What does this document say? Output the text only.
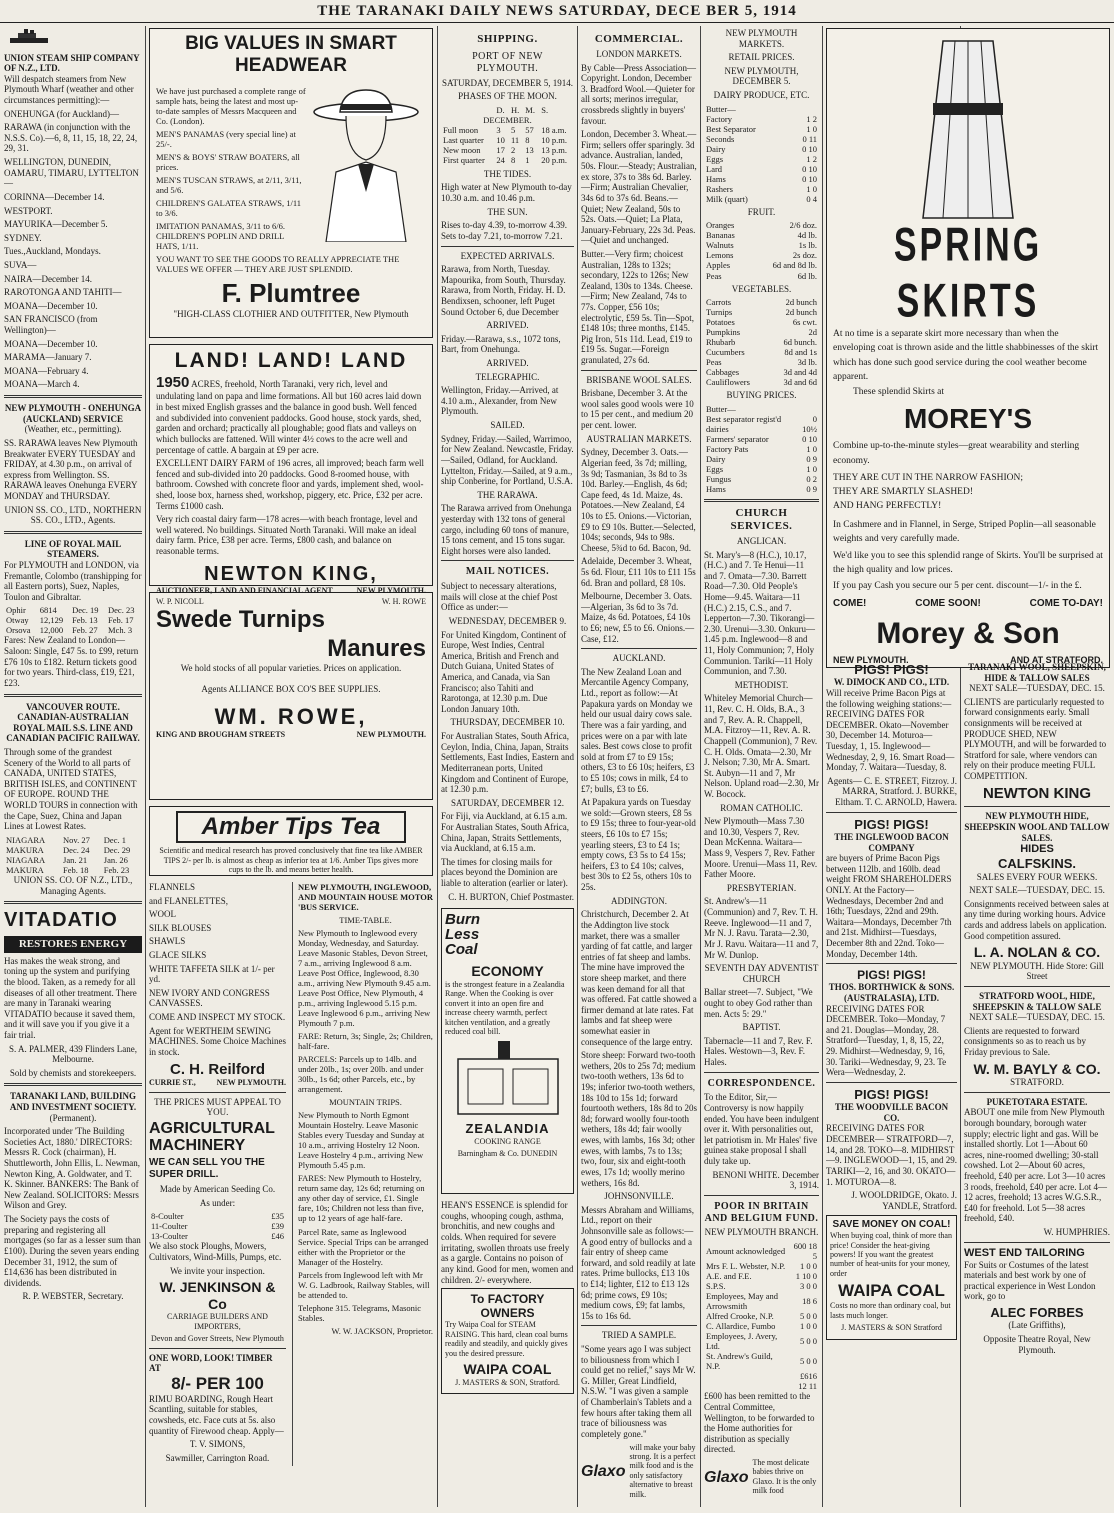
THE TARANAKI DAILY NEWS SATURDAY, DECE BER 5, 1914
UNION STEAM SHIP COMPANY OF N.Z., LTD.

Will despatch steamers from New Plymouth Wharf (weather and other circumstances permitting):—

ONEHUNGA (for Auckland)—

RARAWA (in conjunction with the N.S.S. Co).—6, 8, 11, 15, 18, 22, 24, 29, 31.

WELLINGTON, DUNEDIN, OAMARU, TIMARU, LYTTELTON—

CORINNA—December 14.

WESTPORT.

MAYURIKA—December 5.

SYDNEY.

Tues.,Auckland, Mondays.

SUVA—

NAIRA—December 14.

RAROTONGA AND TAHITI—

MOANA—December 10.

SAN FRANCISCO (from Wellington)—

MOANA—December 10.

MARAMA—January 7.

MOANA—February 4.

MOANA—March 4.

NEW PLYMOUTH - ONEHUNGA (AUCKLAND) SERVICE

(Weather, etc., permitting).

SS. RARAWA leaves New Plymouth Breakwater EVERY TUESDAY and FRIDAY, at 4.30 p.m., on arrival of express from Wellington. SS. RARAWA leaves Onehunga EVERY MONDAY and THURSDAY.

UNION SS. CO., LTD., NORTHERN SS. CO., LTD., Agents.

LINE OF ROYAL MAIL STEAMERS.

For PLYMOUTH and LONDON, via Fremantle, Colombo (transhipping for all Eastern ports), Suez, Naples, Toulon and Gibraltar.

Ophir	6814	Dec. 19	Dec. 23
Otway	12,129	Feb. 13	Feb. 17
Orsova	12,000	Feb. 27	Mch. 3

Fares: New Zealand to London—Saloon: Single, £47 5s. to £99, return £76 10s to £182. Return tickets good for two years. Third-class, £19, £21, £23.

VANCOUVER ROUTE.

CANADIAN-AUSTRALIAN ROYAL MAIL S.S. LINE AND CANADIAN PACIFIC RAILWAY.

Through some of the grandest Scenery of the World to all parts of CANADA, UNITED STATES, BRITISH ISLES, and CONTINENT OF EUROPE. ROUND THE WORLD TOURS in connection with the Cape, Suez, China and Japan Lines at Lowest Rates.

NIAGARA	Nov. 27	Dec. 1
MAKURA	Dec. 24	Dec. 29
NIAGARA	Jan. 21	Jan. 26
MAKURA	Feb. 18	Feb. 23

UNION SS. CO. OF N.Z., LTD., Managing Agents.

VITADATIO
RESTORES ENERGY

Has makes the weak strong, and toning up the system and purifying the blood. Taken, as a remedy for all diseases of all other treatment. There are many in Taranaki wearing VITADATIO because it saved them, and it will save you if you give it a fair trial.

S. A. PALMER, 439 Flinders Lane, Melbourne.

Sold by chemists and storekeepers.

TARANAKI LAND, BUILDING AND INVESTMENT SOCIETY.

(Permanent).

Incorporated under 'The Building Societies Act, 1880.' DIRECTORS: Messrs R. Cock (chairman), H. Shuttleworth, John Ellis, L. Newman, Newton King, A. Goldwater, and T. K. Skinner. BANKERS: The Bank of New Zealand. SOLICITORS: Messrs Wilson and Grey.

The Society pays the costs of preparing and registering all mortgages (so far as a lesser sum than £100). During the seven years ending December 31, 1912, the sum of £14,636 has been distributed in dividends.

R. P. WEBSTER, Secretary.

BIG VALUES IN SMART HEADWEAR

We have just purchased a complete range of sample hats, being the latest and most up-to-date samples of Messrs Macqueen and Co. (London).

MEN'S PANAMAS (very special line) at 25/-.

MEN'S & BOYS' STRAW BOATERS, all prices.

MEN'S TUSCAN STRAWS, at 2/11, 3/11, and 5/6.

CHILDREN'S GALATEA STRAWS, 1/11 to 3/6.

IMITATION PANAMAS, 3/11 to 6/6. CHILDREN'S POPLIN AND DRILL HATS, 1/11.

YOU WANT TO SEE THE GOODS TO REALLY APPRECIATE THE VALUES WE OFFER — THEY ARE JUST SPLENDID.

F. Plumtree

"HIGH-CLASS CLOTHIER AND OUTFITTER, New Plymouth

LAND! LAND! LAND

1950 ACRES, freehold, North Taranaki, very rich, level and undulating land on papa and lime formations. All but 160 acres laid down in best mixed English grasses and the balance in good bush. Well fenced and subdivided into convenient paddocks. Good house, stock yards, shed, garden and orchard; practically all ploughable; good flats and valleys on which bullocks are fattened. Will winter 4½ cows to the acre well and percentage of cattle. A bargain at £9 per acre.

EXCELLENT DAIRY FARM of 196 acres, all improved; beach farm well fenced and sub-divided into 20 paddocks. Good 8-roomed house, with bathroom. Cowshed with concrete floor and yards, implement shed, wool-shed, loose box, harness shed, workshop, piggery, etc. Price, £32 per acre. Terms £1000 cash.

Very rich coastal dairy farm—178 acres—with beach frontage, level and well watered. No buildings. Situated North Taranaki. Will make an ideal dairy farm. Price, £38 per acre. Terms, £800 cash, and balance on reasonable terms.

NEWTON KING,
AUCTIONEER, LAND AND FINANCIAL AGENT	NEW PLYMOUTH.
W. P. NICOLL	W. H. ROWE
Swede Turnips
Manures

We hold stocks of all popular varieties. Prices on application.

Agents ALLIANCE BOX CO'S BEE SUPPLIES.

WM. ROWE,
KING AND BROUGHAM STREETS	NEW PLYMOUTH.
Amber Tips Tea

Scientific and medical research has proved conclusively that fine tea like AMBER TIPS 2/- per lb. is almost as cheap as inferior tea at 1/6. Amber Tips gives more cups to the lb. and means better health.

FLANNELS

and FLANELETTES,

WOOL

SILK BLOUSES

SHAWLS

GLACE SILKS

WHITE TAFFETA SILK at 1/- per yd.

NEW IVORY AND CONGRESS CANVASSES.

COME AND INSPECT MY STOCK.

Agent for WERTHEIM SEWING MACHINES. Some Choice Machines in stock.

C. H. Reilford
CURRIE ST.,	NEW PLYMOUTH.

THE PRICES MUST APPEAL TO YOU.

AGRICULTURAL MACHINERY
WE CAN SELL YOU THE SUPER DRILL.

Made by American Seeding Co.

As under:

8-Coulter	£35
11-Coulter	£39
13-Coulter	£46

We also stock Ploughs, Mowers, Cultivators, Wind-Mills, Pumps, etc.

We invite your inspection.

W. JENKINSON & Co

CARRIAGE BUILDERS AND IMPORTERS,

Devon and Gover Streets, New Plymouth

ONE WORD, LOOK! TIMBER AT
8/- PER 100

RIMU BOARDING, Rough Heart Scantling, suitable for stables, cowsheds, etc. Face cuts at 5s. also quantity of Firewood cheap. Apply—

T. V. SIMONS,

Sawmiller, Carrington Road.

NEW PLYMOUTH, INGLEWOOD, AND MOUNTAIN HOUSE MOTOR 'BUS SERVICE.

TIME-TABLE.

New Plymouth to Inglewood every Monday, Wednesday, and Saturday. Leave Masonic Stables, Devon Street, 7 a.m., arriving Inglewood 8 a.m. Leave Post Office, Inglewood, 8.30 a.m., arriving New Plymouth 9.45 a.m. Leave Post Office, New Plymouth, 4 p.m., arriving Inglewood 5.15 p.m. Leave Inglewood 6 p.m., arriving New Plymouth 7 p.m.

FARE: Return, 3s; Single, 2s; Children, half-fare.

PARCELS: Parcels up to 14lb. and under 20lb., 1s; over 20lb. and under 30lb., 1s 6d; other Parcels, etc., by arrangement.

MOUNTAIN TRIPS.

New Plymouth to North Egmont Mountain Hostelry. Leave Masonic Stables every Tuesday and Sunday at 10 a.m., arriving Hostelry 12 Noon. Leave Hostelry 4 p.m., arriving New Plymouth 5.45 p.m.

FARES: New Plymouth to Hostelry, return same day, 12s 6d; returning on any other day of service, £1. Single fare, 10s; Children not less than five, up to 12 years of age half-fare.

Parcel Rate, same as Inglewood Service. Special Trips can be arranged either with the Proprietor or the Manager of the Hostelry.

Parcels from Inglewood left with Mr W. G. Ladbrook, Railway Stables, will be attended to.

Telephone 315. Telegrams, Masonic Stables.

W. W. JACKSON, Proprietor.

SHIPPING.
PORT OF NEW PLYMOUTH.

SATURDAY, DECEMBER 5, 1914.

PHASES OF THE MOON.

	D.	H.	M.	S.
DECEMBER.				
Full moon	3	5	57	18 a.m.
Last quarter	10	11	8	10 p.m.
New moon	17	2	13	13 p.m.
First quarter	24	8	1	20 p.m.

THE TIDES.

High water at New Plymouth to-day 10.30 a.m. and 10.46 p.m.

THE SUN.

Rises to-day 4.39, to-morrow 4.39. Sets to-day 7.21, to-morrow 7.21.

EXPECTED ARRIVALS.

Rarawa, from North, Tuesday. Mapourika, from South, Thursday. Rarawa, from North, Friday. H. D. Bendixsen, schooner, left Puget Sound October 6, due December

ARRIVED.

Friday.—Rarawa, s.s., 1072 tons, Bart, from Onehunga.

ARRIVED.

TELEGRAPHIC.

Wellington, Friday.—Arrived, at 4.10 a.m., Alexander, from New Plymouth.

SAILED.

Sydney, Friday.—Sailed, Warrimoo, for New Zealand. Newcastle, Friday.—Sailed, Odland, for Auckland. Lyttelton, Friday.—Sailed, at 9 a.m., ship Conberine, for Portland, U.S.A.

THE RARAWA.

The Rarawa arrived from Onehunga yesterday with 132 tons of general cargo, including 60 tons of manure, 15 tons cement, and 15 tons sugar. Eight horses were also landed.

MAIL NOTICES.

Subject to necessary alterations, mails will close at the chief Post Office as under:—

WEDNESDAY, DECEMBER 9.

For United Kingdom, Continent of Europe, West Indies, Central America, British and French and Dutch Guiana, United States of America, and Canada, via San Francisco; also Tahiti and Rarotonga, at 12.30 p.m. Due London January 10th.

THURSDAY, DECEMBER 10.

For Australian States, South Africa, Ceylon, India, China, Japan, Straits Settlements, East Indies, Eastern and Mediterranean ports, United Kingdom and Continent of Europe, at 12.30 p.m.

SATURDAY, DECEMBER 12.

For Fiji, via Auckland, at 6.15 a.m. For Australian States, South Africa, China, Japan, Straits Settlements, via Auckland, at 6.15 a.m.

The times for closing mails for places beyond the Dominion are liable to alteration (earlier or later).

C. H. BURTON, Chief Postmaster.

Burn Less Coal
ECONOMY

is the strongest feature in a Zealandia Range. When the Cooking is over convert it into an open fire and increase cheery warmth, perfect kitchen ventilation, and a greatly reduced coal bill.

ZEALANDIA

COOKING RANGE

Barningham & Co. DUNEDIN

HEAN'S ESSENCE is splendid for coughs, whooping cough, asthma, bronchitis, and new coughs and colds. When required for severe irritating, swollen throats use freely as a gargle. Contains no poison of any kind. Good for men, women and children. 2/- everywhere.

To FACTORY OWNERS

Try Waipa Coal for STEAM RAISING. This hard, clean coal burns readily and steadily, and quickly gives you the desired pressure.

WAIPA COAL

J. MASTERS & SON, Stratford.

COMMERCIAL.

LONDON MARKETS.

By Cable—Press Association—Copyright. London, December 3. Bradford Wool.—Quieter for all sorts; merinos irregular, crossbreds slightly in buyers' favour.

London, December 3. Wheat.—Firm; sellers offer sparingly. 3d advance. Australian, landed, 50s. Flour.—Steady; Australian, ex store, 37s to 38s 6d. Barley.—Firm; Australian Chevalier, 34s 6d to 37s 6d. Beans.—Quiet; New Zealand, 50s to 52s. Oats.—Quiet; La Plata, January-February, 22s 3d. Peas.—Quiet and unchanged.

Butter.—Very firm; choicest Australian, 128s to 132s; secondary, 122s to 126s; New Zealand, 130s to 134s. Cheese.—Firm; New Zealand, 74s to 77s. Copper, £56 10s; electrolytic, £59 5s. Tin—Spot, £148 10s; three months, £145. Pig Iron, 51s 11d. Lead, £19 to £19 5s. Sugar.—Foreign granulated, 27s 6d.

BRISBANE WOOL SALES.

Brisbane, December 3. At the wool sales good wools were 10 to 15 per cent., and medium 20 per cent. lower.

AUSTRALIAN MARKETS.

Sydney, December 3. Oats.—Algerian feed, 3s 7d; milling, 3s 9d; Tasmanian, 3s 8d to 3s 10d. Barley.—English, 4s 6d; Cape feed, 4s 1d. Maize, 4s. Potatoes.—New Zealand, £4 10s to £5. Onions.—Victorian, £9 to £9 10s. Butter.—Selected, 104s; seconds, 94s to 98s. Cheese, 5¾d to 6d. Bacon, 9d.

Adelaide, December 3. Wheat, 5s 6d. Flour, £11 10s to £11 15s 6d. Bran and pollard, £8 10s.

Melbourne, December 3. Oats.—Algerian, 3s 6d to 3s 7d. Maize, 4s 6d. Potatoes, £4 10s to £6; new, £5 to £6. Onions.—Case, £12.

AUCKLAND.

The New Zealand Loan and Mercantile Agency Company, Ltd., report as follow:—At Papakura yards on Monday we held our usual dairy cows sale. There was a fair yarding, and prices were on a par with late sales. Best cows close to profit sold at from £7 to £9 15s; others, £3 to £6 10s; heifers, £3 to £5 10s; cows in milk, £4 to £7; bulls, £3 to £6.

At Papakura yards on Tuesday we sold:—Grown steers, £8 5s to £9 15s; three to four-year-old steers, £6 10s to £7 15s; yearling steers, £3 to £4 1s; empty cows, £3 5s to £4 15s; heifers, £3 to £4 10s; calves, best 30s to £2 5s, others 10s to 25s.

ADDINGTON.

Christchurch, December 2. At the Addington live stock market, there was a smaller yarding of fat cattle, and larger entries of fat sheep and lambs. The mine have improved the store sheep market, and there was keen demand for all that was offered. Fat cattle showed a firmer demand at late rates. Fat lambs and fat sheep were somewhat easier in consequence of the large entry.

Store sheep: Forward two-tooth wethers, 20s to 25s 7d; medium two-tooth wethers, 13s 6d to 19s; inferior two-tooth wethers, 18s 10d to 15s 1d; forward fourtooth wethers, 18s 8d to 20s 8d; forward woolly four-tooth wethers, 18s 4d; fair woolly ewes, with lambs, 16s 3d; other ewes, with lambs, 7s to 13s; two, four, six and eight-tooth ewes, 17s 1d; woolly merino wethers, 16s 8d.

JOHNSONVILLE.

Messrs Abraham and Williams, Ltd., report on their Johnsonville sale as follows:—A good entry of bullocks and a fair entry of sheep came forward, and sold readily at late rates. Prime bullocks, £13 10s to £14; lighter, £12 to £13 12s 6d; prime cows, £9 10s; medium cows, £9; fat lambs, 15s to 16s 6d.

TRIED A SAMPLE.

"Some years ago I was subject to biliousness from which I could get no relief," says Mr W. G. Miller, Great Lindfield, N.S.W. "I was given a sample of Chamberlain's Tablets and a few hours after taking them all trace of biliousness was completely gone."

Glaxo

will make your baby strong. It is a perfect milk food and is the only satisfactory alternative to breast milk.

NEW PLYMOUTH MARKETS.

RETAIL PRICES.

NEW PLYMOUTH, DECEMBER 5.

DAIRY PRODUCE, ETC.

Butter—	
Factory	1 2
Best Separator	1 0
Seconds	0 11
Dairy	0 10
Eggs	1 2
Lard	0 10
Hams	0 10
Rashers	1 0
Milk (quart)	0 4

FRUIT.

Oranges	2/6 doz.
Bananas	4d lb.
Walnuts	1s lb.
Lemons	2s doz.
Apples	6d and 8d lb.
Peas	6d lb.

VEGETABLES.

Carrots	2d bunch
Turnips	2d bunch
Potatoes	6s cwt.
Pumpkins	2d
Rhubarb	6d bunch.
Cucumbers	8d and 1s
Peas	3d lb.
Cabbages	3d and 4d
Cauliflowers	3d and 6d

BUYING PRICES.

Butter—	
Best separator regist'd dairies	0 10½
Farmers' separator	0 10
Factory Pats	1 0
Dairy	0 9
Eggs	1 0
Fungus	0 2
Hams	0 9
CHURCH SERVICES.

ANGLICAN.

St. Mary's—8 (H.C.), 10.17, (H.C.) and 7. Te Henui—11 and 7. Omata—7.30. Barrett Road—7.30. Old People's Home—9.45. Waitara—11 (H.C.) 2.15, C.S., and 7. Lepperton—7.30. Tikorangi—2.30. Urenui—3.30. Onkuru—1.45 p.m. Inglewood—8 and 11, Holy Communion; 7, Holy Communion. Tarikí—11 Holy Communion, and 7.30.

METHODIST.

Whiteley Memorial Church—11, Rev. C. H. Olds, B.A., 3 and 7, Rev. A. R. Chappell, M.A. Fitzroy—11, Rev. A. R. Chappell (Communion), 7 Rev. C. H. Olds. Omata—2.30, Mr J. Nelson; 7.30, Mr A. Smart. St. Aubyn—11 and 7, Mr Nelson. Upland road—2.30, Mr W. Bocock.

ROMAN CATHOLIC.

New Plymouth—Mass 7.30 and 10.30, Vespers 7, Rev. Dean McKenna. Waitara—Mass 9, Vespers 7, Rev. Father Moore. Urenui—Mass 11, Rev. Father Moore.

PRESBYTERIAN.

St. Andrew's—11 (Communion) and 7, Rev. T. H. Reeve. Inglewood—11 and 7, Mr N. J. Ravu. Tarata—2.30, Mr J. Ravu. Waitara—11 and 7, Mr W. Dunlop.

SEVENTH DAY ADVENTIST CHURCH

Ballar street—7. Subject, "We ought to obey God rather than men. Acts 5: 29."

BAPTIST.

Tabernacle—11 and 7, Rev. F. Hales. Westown—3, Rev. F. Hales.

CORRESPONDENCE.

To the Editor, Sir,—Controversy is now happily ended. You have been indulgent over it. With personalities out, let patriotism in. Mr Hales' five guinea stake proposal I shall duly take up.

BENONI WHITE. December 3, 1914.

POOR IN BRITAIN AND BELGIUM FUND.

NEW PLYMOUTH BRANCH.

Amount acknowledged	600 18 5
Mrs F. L. Webster, N.P.	1 0 0
A.E. and F.E.	1 10 0
S.P.S.	3 0 0
Employees, May and Arrowsmith	18 6
Alfred Crooke, N.P.	5 0 0
C. Allardice, Fumbo	1 0 0
Employees, J. Avery, Ltd.	5 0 0
St. Andrew's Guild, N.P.	5 0 0
	£616 12 11

£600 has been remitted to the Central Committee, Wellington, to be forwarded to the Home authorities for distribution as specially directed.

Glaxo

The most delicate babies thrive on Glaxo. It is the only milk food

SPRING SKIRTS

At no time is a separate skirt more necessary than when the enveloping coat is thrown aside and the little shabbinesses of the skirt which has done such good service during the cool weather become apparent.

These splendid Skirts at

MOREY'S

Combine up-to-the-minute styles—great wearability and sterling economy.

THEY ARE CUT IN THE NARROW FASHION;

THEY ARE SMARTLY SLASHED!

AND HANG PERFECTLY!

In Cashmere and in Flannel, in Serge, Striped Poplin—all seasonable weights and very carefully made.

We'd like you to see this splendid range of Skirts. You'll be surprised at the high quality and low prices.

If you pay Cash you secure our 5 per cent. discount—1/- in the £.

COME!	COME SOON!	COME TO-DAY!
Morey & Son
NEW PLYMOUTH.	AND AT STRATFORD.
PIGS! PIGS!
W. DIMOCK AND CO., LTD.

Will receive Prime Bacon Pigs at the following weighing stations:— RECEIVING DATES FOR DECEMBER. Okato—November 30, December 14. Moturoa—Tuesday, 1, 15. Inglewood—Wednesday, 2, 9, 16. Smart Road—Monday, 7. Waitara—Tuesday, 8.

Agents— C. E. STREET, Fitzroy. J. MARRA, Stratford. J. BURKE, Eltham. T. C. ARNOLD, Hawera.

PIGS! PIGS!
THE INGLEWOOD BACON COMPANY

are buyers of Prime Bacon Pigs between 112lb. and 160lb. dead weight FROM SHAREHOLDERS ONLY. At the Factory—Wednesdays, December 2nd and 16th; Tuesdays, 22nd and 29th. Waitara—Mondays, December 7th and 21st. Midhirst—Tuesdays, December 8th and 22nd. Toko—Monday, December 14th.

PIGS! PIGS!
THOS. BORTHWICK & SONS. (AUSTRALASIA), LTD.

RECEIVING DATES FOR DECEMBER. Toko—Monday, 7 and 21. Douglas—Monday, 28. Stratford—Tuesday, 1, 8, 15, 22, 29. Midhirst—Wednesday, 9, 16, 30. Tariki—Wednesday, 9, 23. Te Wera—Wednesday, 2.

PIGS! PIGS!
THE WOODVILLE BACON CO.

RECEIVING DATES FOR DECEMBER— STRATFORD—7, 14, and 28. TOKO—8. MIDHIRST—9. INGLEWOOD—1, 15, and 29. TARIKI—2, 16, and 30. OKATO—1. MOTUROA—8.

J. WOOLDRIDGE, Okato. J. YANDLE, Stratford.

SAVE MONEY ON COAL!

When buying coal, think of more than price! Consider the heat-giving powers! If you want the greatest number of heat-units for your money, order

WAIPA COAL

Costs no more than ordinary coal, but lasts much longer.

J. MASTERS & SON Stratford

TARANAKI WOOL, SHEEPSKIN, HIDE & TALLOW SALES

NEXT SALE—TUESDAY, DEC. 15.

CLIENTS are particularly requested to forward consignments early. Small consignments will be received at PRODUCE SHED, NEW PLYMOUTH, and will be forwarded to Stratford for sale, where vendors can rely on their produce meeting FULL COMPETITION.

NEWTON KING
NEW PLYMOUTH HIDE, SHEEPSKIN WOOL AND TALLOW SALES.
HIDES
CALFSKINS.

SALES EVERY FOUR WEEKS.

NEXT SALE—TUESDAY, DEC. 15.

Consignments received between sales at any time during working hours. Advice cards and address labels on application. Good competition assured.

L. A. NOLAN & CO.

NEW PLYMOUTH. Hide Store: Gill Street

STRATFORD WOOL, HIDE, SHEEPSKIN & TALLOW SALE

NEXT SALE—TUESDAY, DEC. 15.

Clients are requested to forward consignments so as to reach us by Friday previous to Sale.

W. M. BAYLY & CO.

STRATFORD.

PUKETOTARA ESTATE.

ABOUT one mile from New Plymouth borough boundary, borough water supply; electric light and gas. Will be installed shortly. Lot 1—About 60 acres, nine-roomed dwelling; 30-stall cowshed. Lot 2—About 60 acres, freehold, £40 per acre. Lot 3—10 acres 3 roods, freehold, £40 per acre. Lot 4—12 acres, freehold; 13 acres W.G.S.R., £40 for freehold. Lot 5—38 acres freehold, £40.

W. HUMPHRIES.

WEST END TAILORING

For Suits or Costumes of the latest materials and best work by one of practical experience in West London work, go to

ALEC FORBES

(Late Griffiths),

Opposite Theatre Royal, New Plymouth.
